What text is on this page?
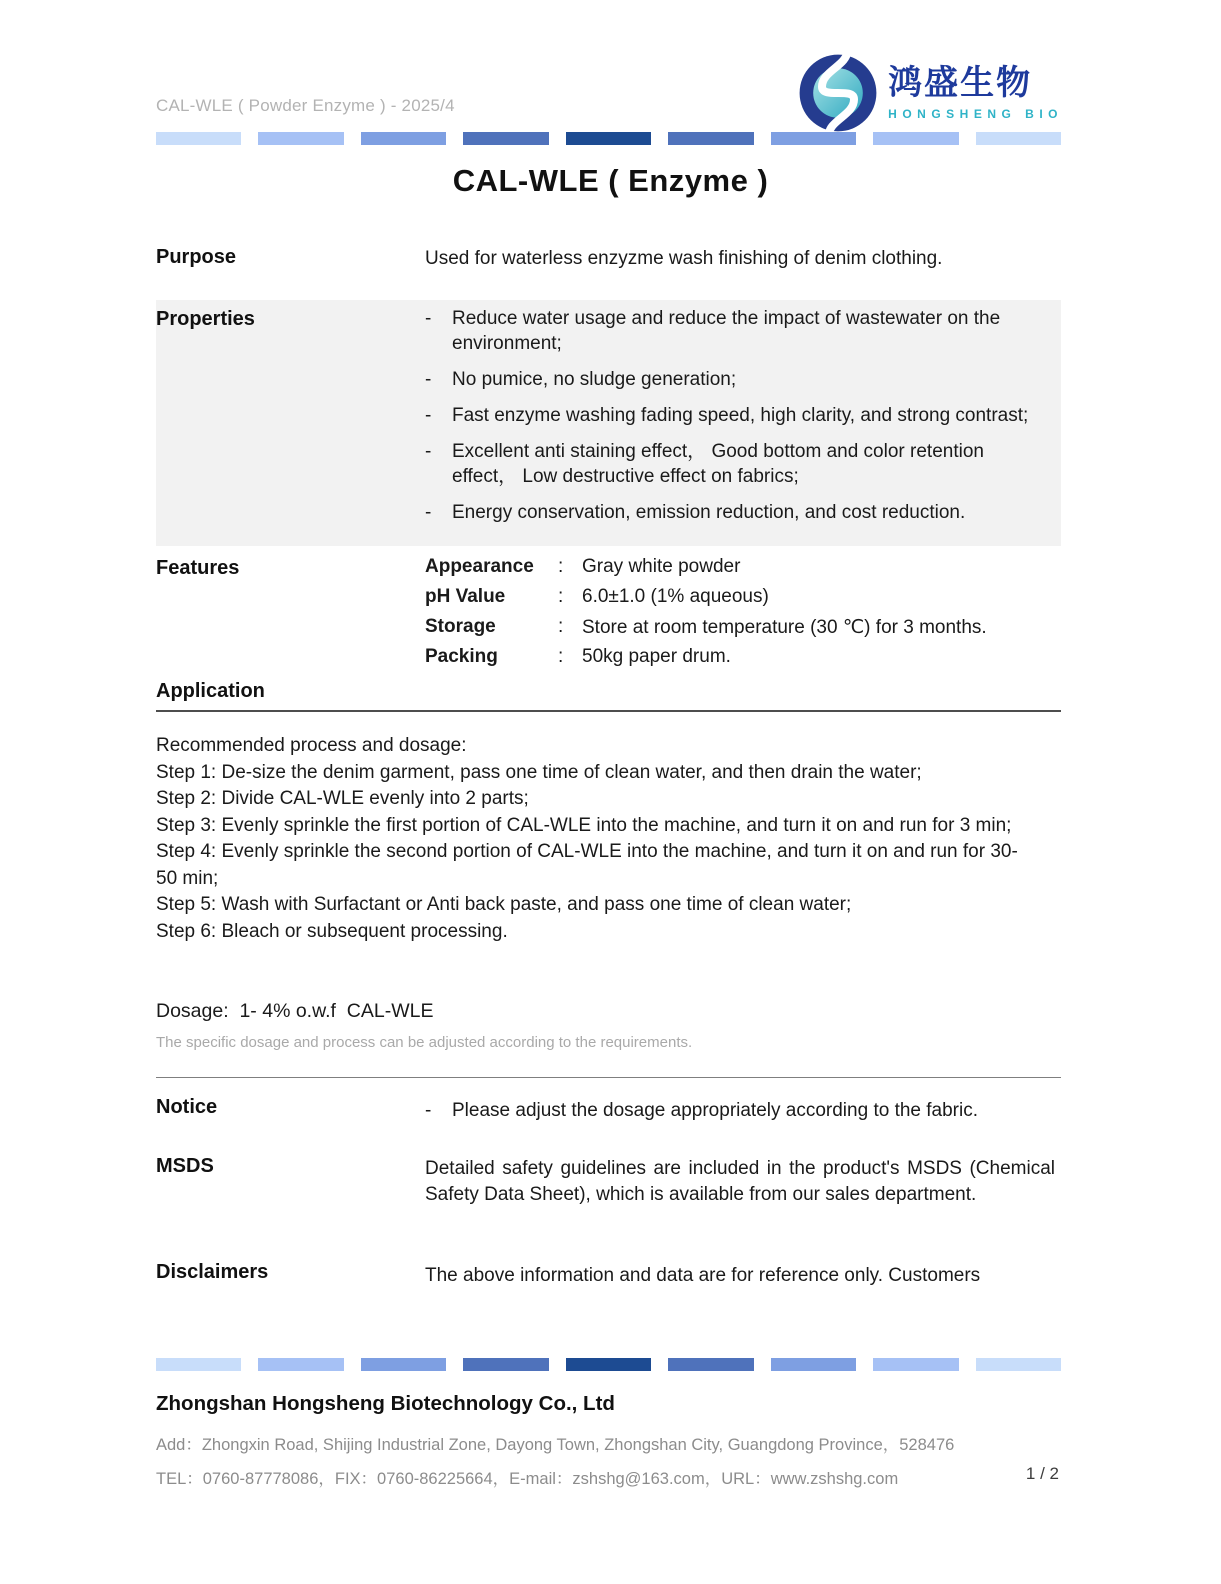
CAL-WLE ( Powder Enzyme ) - 2025/4
鸿盛生物
HONGSHENG BIO
CAL-WLE ( Enzyme )
Purpose	Used for waterless enzyzme wash finishing of denim clothing.
Properties	-	Reduce water usage and reduce the impact of wastewater on the environment;
-	No pumice, no sludge generation;
-	Fast enzyme washing fading speed, high clarity, and strong contrast;
-	Excellent anti staining effect， Good bottom and color retention effect， Low destructive effect on fabrics;
-	Energy conservation, emission reduction, and cost reduction.
Features	Appearance	: Gray white powder
pH Value	: 6.0±1.0 (1% aqueous)
Storage	: Store at room temperature (30 ℃) for 3 months.
Packing	: 50kg paper drum.
Application
Recommended process and dosage:
Step 1: De-size the denim garment, pass one time of clean water, and then drain the water;
Step 2: Divide CAL-WLE evenly into 2 parts;
Step 3: Evenly sprinkle the first portion of CAL-WLE into the machine, and turn it on and run for 3 min;
Step 4: Evenly sprinkle the second portion of CAL-WLE into the machine, and turn it on and run for 30-50 min;
Step 5: Wash with Surfactant or Anti back paste, and pass one time of clean water;
Step 6: Bleach or subsequent processing.
Dosage:  1- 4% o.w.f  CAL-WLE
The specific dosage and process can be adjusted according to the requirements.
Notice	-	Please adjust the dosage appropriately according to the fabric.
MSDS	Detailed safety guidelines are included in the product's MSDS (Chemical Safety Data Sheet), which is available from our sales department.
Disclaimers	The above information and data are for reference only. Customers
Zhongshan Hongsheng Biotechnology Co., Ltd
Add：Zhongxin Road, Shijing Industrial Zone, Dayong Town, Zhongshan City, Guangdong Province，528476
TEL：0760-87778086，FIX：0760-86225664，E-mail：zshshg@163.com，URL：www.zshshg.com	1 / 2
